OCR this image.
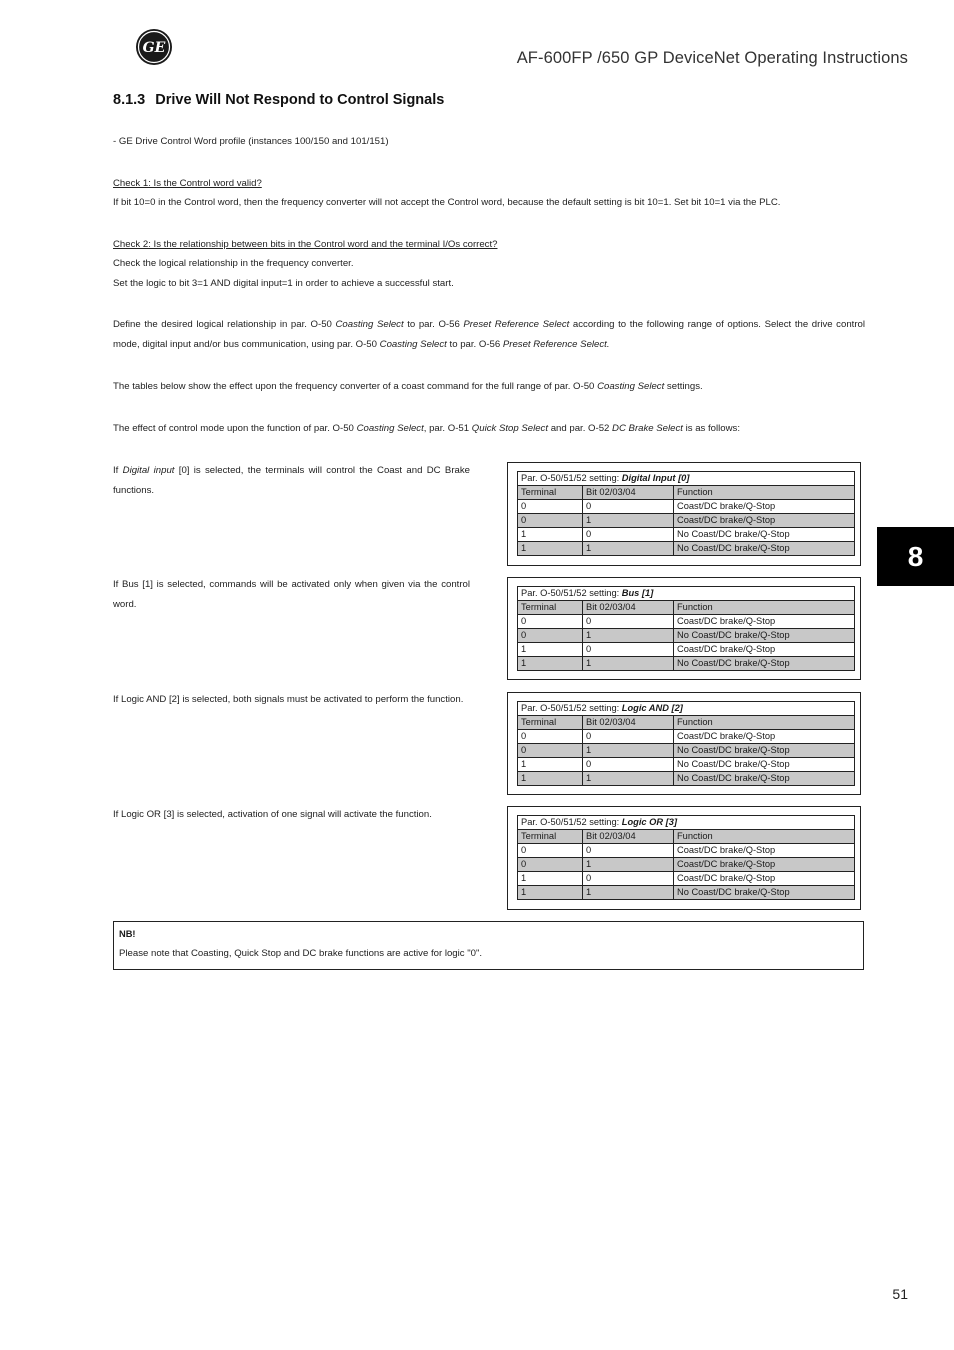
GE
AF-600FP /650 GP DeviceNet Operating Instructions
8.1.3 Drive Will Not Respond to Control Signals
- GE Drive Control Word profile (instances 100/150 and 101/151)
Check 1: Is the Control word valid?
If bit 10=0 in the Control word, then the frequency converter will not accept the Control word, because the default setting is bit 10=1. Set bit 10=1 via the PLC.
Check 2: Is the relationship between bits in the Control word and the terminal I/Os correct?
Check the logical relationship in the frequency converter.
Set the logic to bit 3=1 AND digital input=1 in order to achieve a successful start.
Define the desired logical relationship in par. O-50 Coasting Select to par. O-56 Preset Reference Select according to the following range of options. Select the drive control mode, digital input and/or bus communication, using par. O-50 Coasting Select to par. O-56 Preset Reference Select.
The tables below show the effect upon the frequency converter of a coast command for the full range of par. O-50 Coasting Select settings.
The effect of control mode upon the function of par. O-50 Coasting Select, par. O-51 Quick Stop Select and par. O-52 DC Brake Select is as follows:
If Digital input [0] is selected, the terminals will control the Coast and DC Brake functions.
Par. O-50/51/52 setting: Digital Input [0]		
Terminal	Bit 02/03/04	Function
0	0	Coast/DC brake/Q-Stop
0	1	Coast/DC brake/Q-Stop
1	0	No Coast/DC brake/Q-Stop
1	1	No Coast/DC brake/Q-Stop
If Bus [1] is selected, commands will be activated only when given via the control word.
Par. O-50/51/52 setting: Bus [1]		
Terminal	Bit 02/03/04	Function
0	0	Coast/DC brake/Q-Stop
0	1	No Coast/DC brake/Q-Stop
1	0	Coast/DC brake/Q-Stop
1	1	No Coast/DC brake/Q-Stop
If Logic AND [2] is selected, both signals must be activated to perform the function.
Par. O-50/51/52 setting: Logic AND [2]		
Terminal	Bit 02/03/04	Function
0	0	Coast/DC brake/Q-Stop
0	1	No Coast/DC brake/Q-Stop
1	0	No Coast/DC brake/Q-Stop
1	1	No Coast/DC brake/Q-Stop
If Logic OR [3] is selected, activation of one signal will activate the function.
Par. O-50/51/52 setting: Logic OR [3]		
Terminal	Bit 02/03/04	Function
0	0	Coast/DC brake/Q-Stop
0	1	Coast/DC brake/Q-Stop
1	0	Coast/DC brake/Q-Stop
1	1	No Coast/DC brake/Q-Stop
NB!
Please note that Coasting, Quick Stop and DC brake functions are active for logic "0".
8
51
